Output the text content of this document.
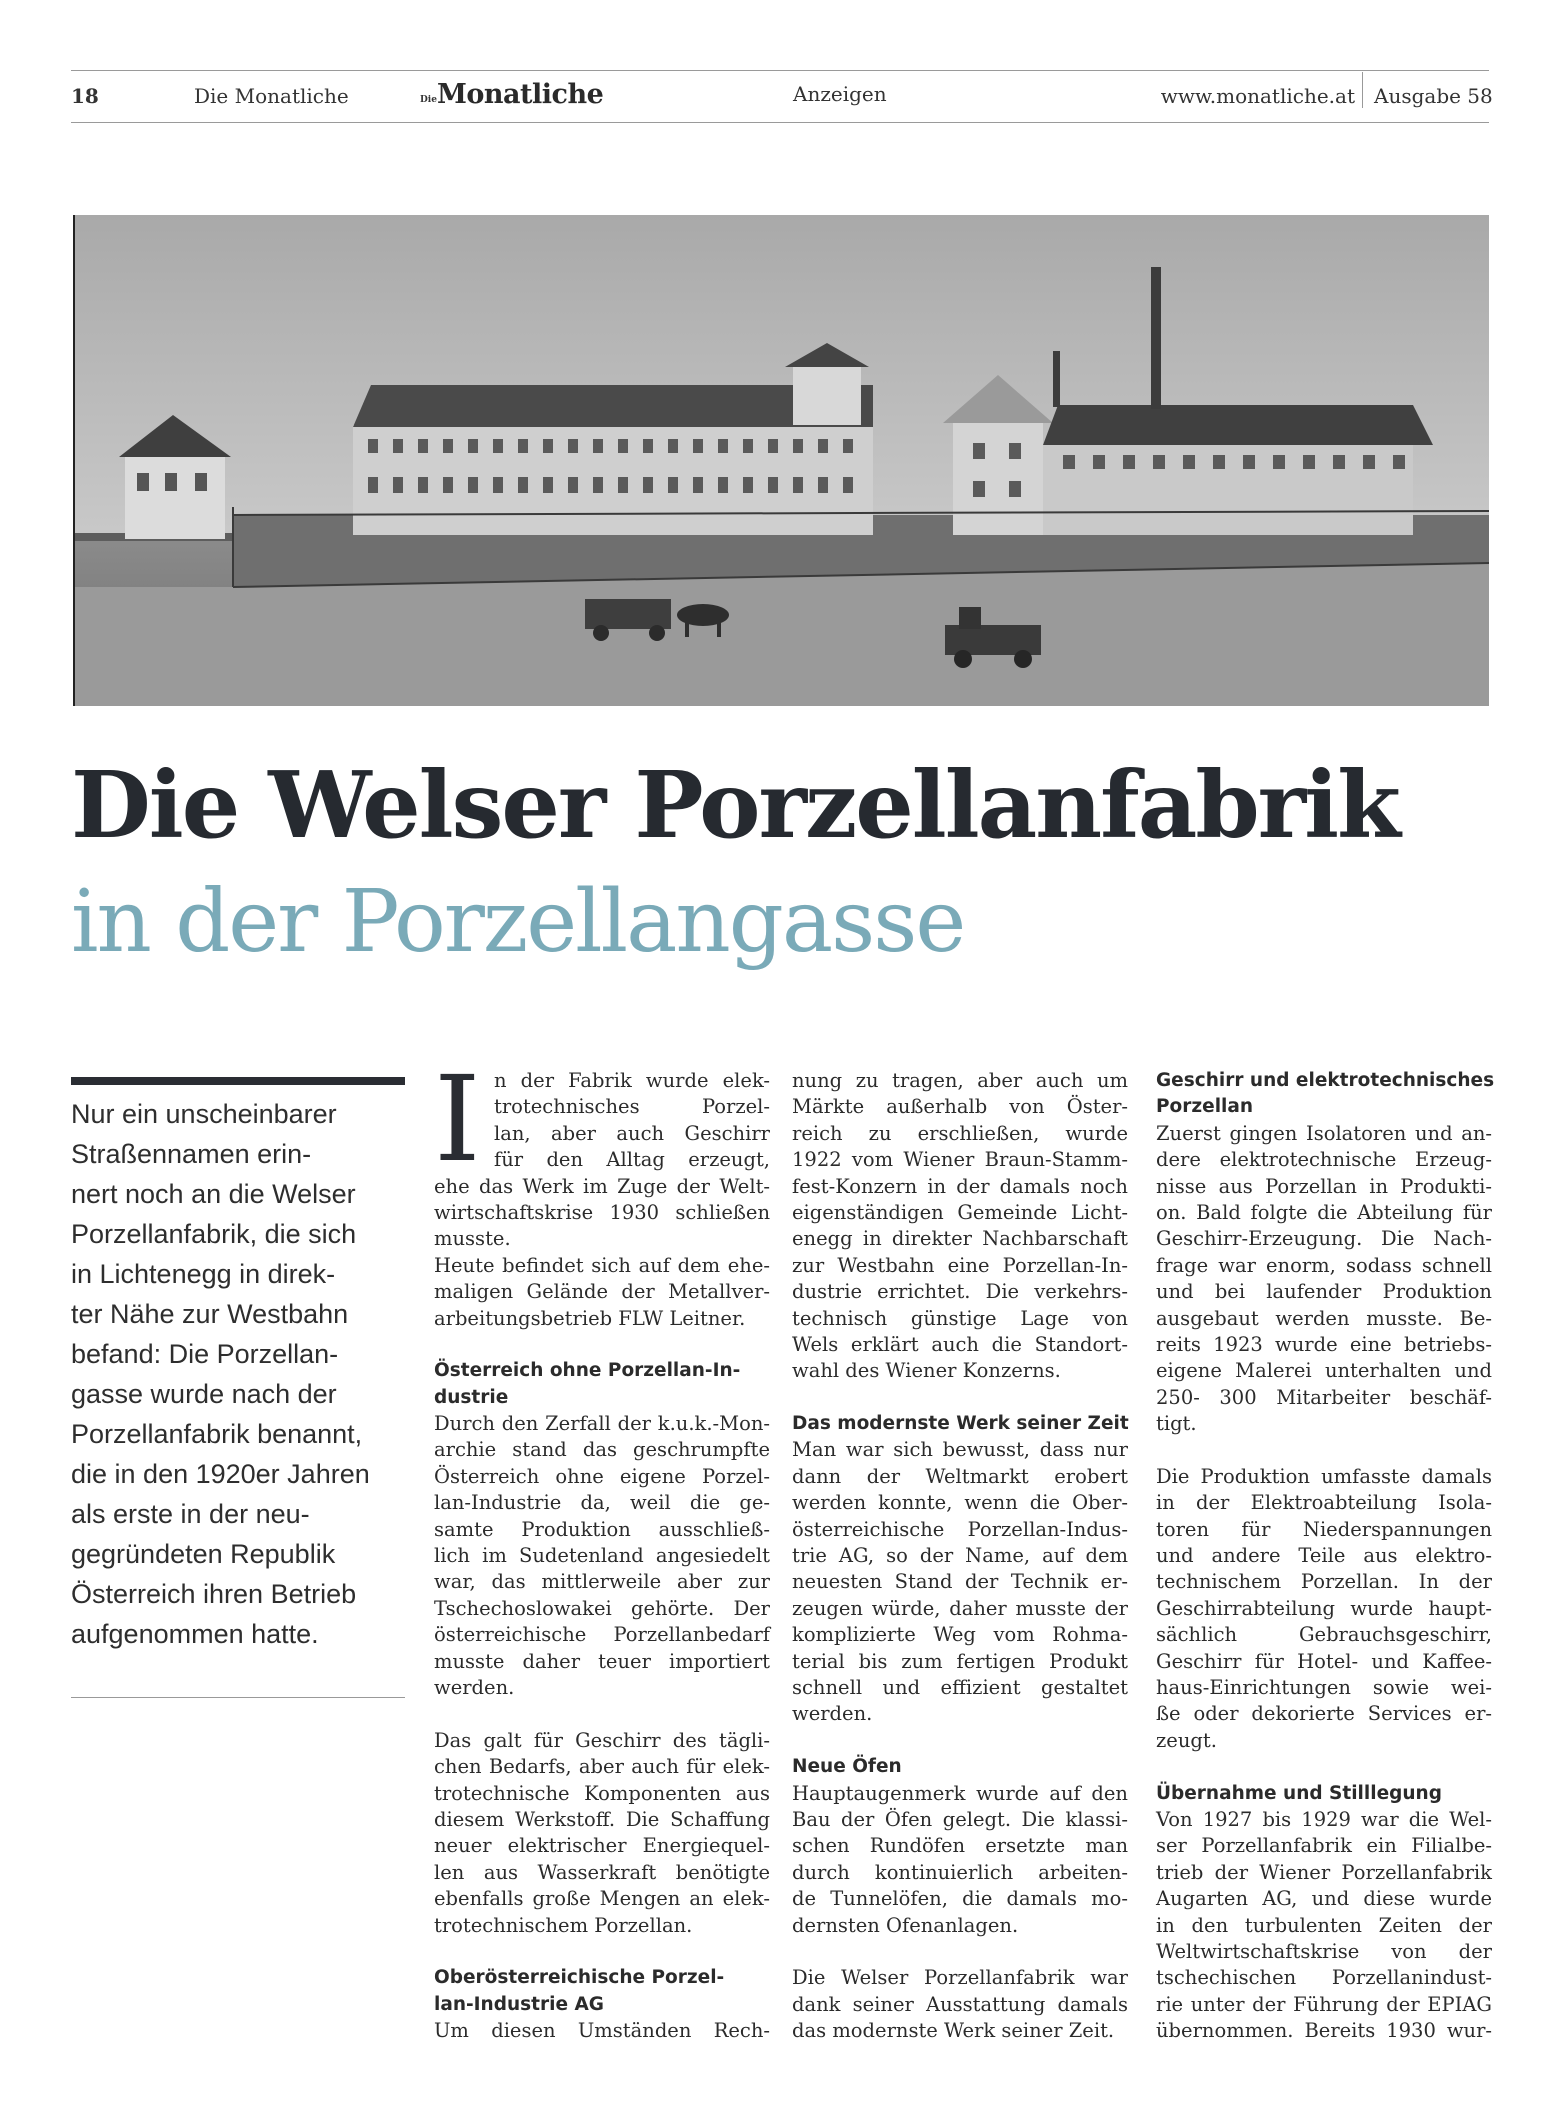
18	Die Monatliche	Die Monatliche	Anzeigen	www.monatliche.at Ausgabe 58
Die Welser Porzellanfabrik
in der Porzellangasse
Nur ein unscheinbarer
Straßennamen erin-
nert noch an die Welser
Porzellanfabrik, die sich
in Lichtenegg in direk-
ter Nähe zur Westbahn
befand: Die Porzellan-
gasse wurde nach der
Porzellanfabrik benannt,
die in den 1920er Jahren
als erste in der neu-
gegründeten Republik
Österreich ihren Betrieb
aufgenommen hatte.
I n der Fabrik wurde elek-
trotechnisches Porzel-
lan, aber auch Geschirr
für den Alltag erzeugt,
ehe das Werk im Zuge der Welt-
wirtschaftskrise 1930 schließen
musste.
Heute befindet sich auf dem ehe-
maligen Gelände der Metallver-
arbeitungsbetrieb FLW Leitner.
Österreich ohne Porzellan-In-
dustrie
Durch den Zerfall der k.u.k.-Mon-
archie stand das geschrumpfte
Österreich ohne eigene Porzel-
lan-Industrie da, weil die ge-
samte Produktion ausschließ-
lich im Sudetenland angesiedelt
war, das mittlerweile aber zur
Tschechoslowakei gehörte. Der
österreichische Porzellanbedarf
musste daher teuer importiert
werden.
Das galt für Geschirr des tägli-
chen Bedarfs, aber auch für elek-
trotechnische Komponenten aus
diesem Werkstoff. Die Schaffung
neuer elektrischer Energiequel-
len aus Wasserkraft benötigte
ebenfalls große Mengen an elek-
trotechnischem Porzellan.
Oberösterreichische Porzel-
lan-Industrie AG
Um diesen Umständen Rech-
nung zu tragen, aber auch um
Märkte außerhalb von Öster-
reich zu erschließen, wurde
1922 vom Wiener Braun-Stamm-
fest-Konzern in der damals noch
eigenständigen Gemeinde Licht-
enegg in direkter Nachbarschaft
zur Westbahn eine Porzellan-In-
dustrie errichtet. Die verkehrs-
technisch günstige Lage von
Wels erklärt auch die Standort-
wahl des Wiener Konzerns.
Das modernste Werk seiner Zeit
Man war sich bewusst, dass nur
dann der Weltmarkt erobert
werden konnte, wenn die Ober-
österreichische Porzellan-Indus-
trie AG, so der Name, auf dem
neuesten Stand der Technik er-
zeugen würde, daher musste der
komplizierte Weg vom Rohma-
terial bis zum fertigen Produkt
schnell und effizient gestaltet
werden.
Neue Öfen
Hauptaugenmerk wurde auf den
Bau der Öfen gelegt. Die klassi-
schen Rundöfen ersetzte man
durch kontinuierlich arbeiten-
de Tunnelöfen, die damals mo-
dernsten Ofenanlagen.
Die Welser Porzellanfabrik war
dank seiner Ausstattung damals
das modernste Werk seiner Zeit.
Geschirr und elektrotechnisches
Porzellan
Zuerst gingen Isolatoren und an-
dere elektrotechnische Erzeug-
nisse aus Porzellan in Produkti-
on. Bald folgte die Abteilung für
Geschirr-Erzeugung. Die Nach-
frage war enorm, sodass schnell
und bei laufender Produktion
ausgebaut werden musste. Be-
reits 1923 wurde eine betriebs-
eigene Malerei unterhalten und
250- 300 Mitarbeiter beschäf-
tigt.
Die Produktion umfasste damals
in der Elektroabteilung Isola-
toren für Niederspannungen
und andere Teile aus elektro-
technischem Porzellan. In der
Geschirrabteilung wurde haupt-
sächlich Gebrauchsgeschirr,
Geschirr für Hotel- und Kaffee-
haus-Einrichtungen sowie wei-
ße oder dekorierte Services er-
zeugt.
Übernahme und Stilllegung
Von 1927 bis 1929 war die Wel-
ser Porzellanfabrik ein Filialbe-
trieb der Wiener Porzellanfabrik
Augarten AG, und diese wurde
in den turbulenten Zeiten der
Weltwirtschaftskrise von der
tschechischen Porzellanindust-
rie unter der Führung der EPIAG
übernommen. Bereits 1930 wur-
